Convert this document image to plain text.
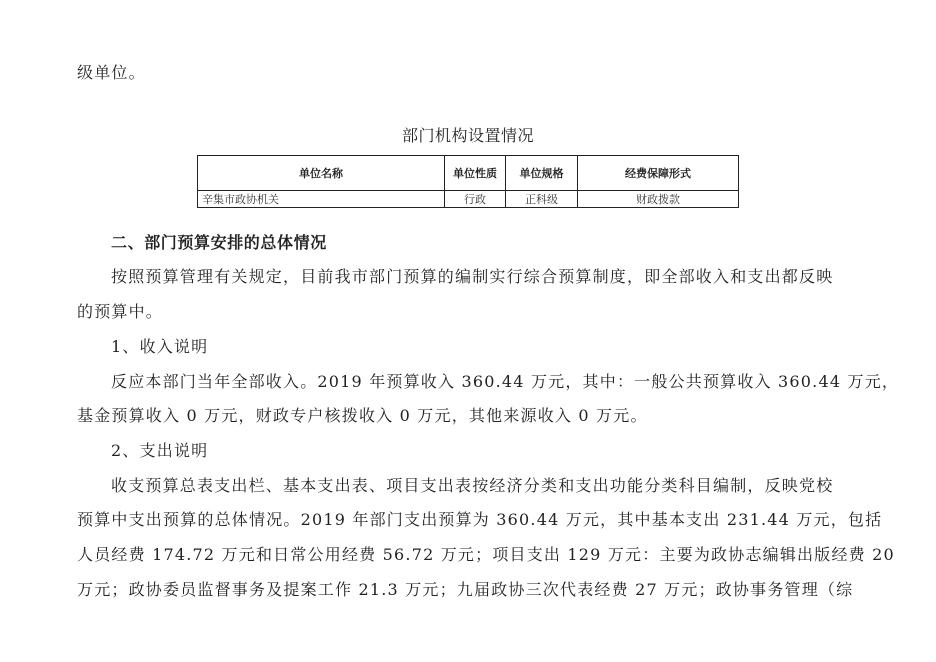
级单位。
部门机构设置情况
单位名称	单位性质	单位规格	经费保障形式
辛集市政协机关	行政	正科级	财政拨款
二、部门预算安排的总体情况
按照预算管理有关规定，目前我市部门预算的编制实行综合预算制度，即全部收入和支出都反映
的预算中。
1、收入说明
反应本部门当年全部收入。2019 年预算收入 360.44 万元，其中：一般公共预算收入 360.44 万元，
基金预算收入 0 万元，财政专户核拨收入 0 万元，其他来源收入 0 万元。
2、支出说明
收支预算总表支出栏、基本支出表、项目支出表按经济分类和支出功能分类科目编制，反映党校
预算中支出预算的总体情况。2019 年部门支出预算为 360.44 万元，其中基本支出 231.44 万元，包括
人员经费 174.72 万元和日常公用经费 56.72 万元；项目支出 129 万元：主要为政协志编辑出版经费 20
万元；政协委员监督事务及提案工作 21.3 万元；九届政协三次代表经费 27 万元；政协事务管理（综
